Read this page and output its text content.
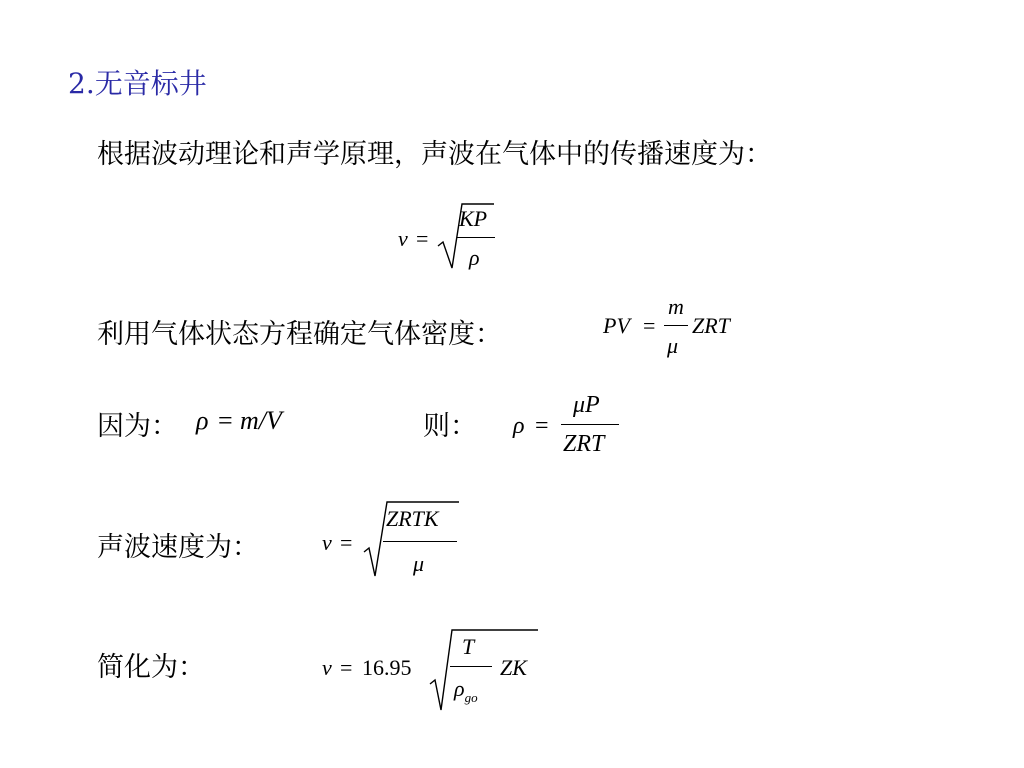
2.无音标井
根据波动理论和声学原理，声波在气体中的传播速度为：
v =
KP
ρ
利用气体状态方程确定气体密度：	PV =
m
μ
ZRT
因为： ρ = m/V	则： ρ =
μP
ZRT
声波速度为：	v =
ZRTK
μ
简化为：	v = 16.95
T
$\rho_{go}$
ZK
